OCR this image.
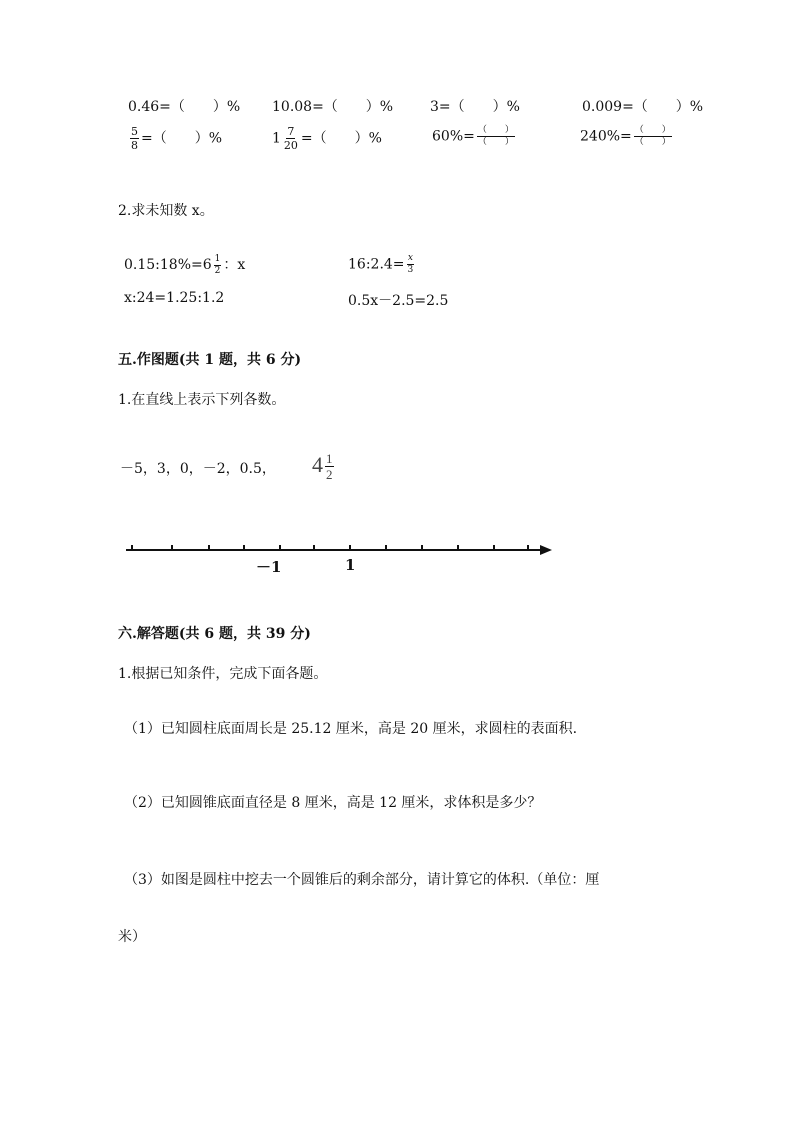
0.46=（　　）% 10.08=（　　）%	3=（　　）%	0.009=（　　）%
$\frac{5}{8}$ =（　　）%	$1 \frac{7}{20}$ =（　　）%	$60\%= \frac{( )}{( )}$	$240\%= \frac{( )}{( )}$
2.求未知数 x。
0.15:18%=6 $\frac{1}{2}$ ：x	16:2.4= $\frac{x}{3}$
x:24=1.25:1.2	0.5x－2.5=2.5
五.作图题(共 1 题，共 6 分)
1.在直线上表示下列各数。
－5，3，0，－2，0.5， $4 \frac{1}{2}$
－1	1
六.解答题(共 6 题，共 39 分)
1.根据已知条件，完成下面各题。
（1）已知圆柱底面周长是 25.12 厘米，高是 20 厘米，求圆柱的表面积.
（2）已知圆锥底面直径是 8 厘米，高是 12 厘米，求体积是多少？
（3）如图是圆柱中挖去一个圆锥后的剩余部分，请计算它的体积.（单位：厘
米）
